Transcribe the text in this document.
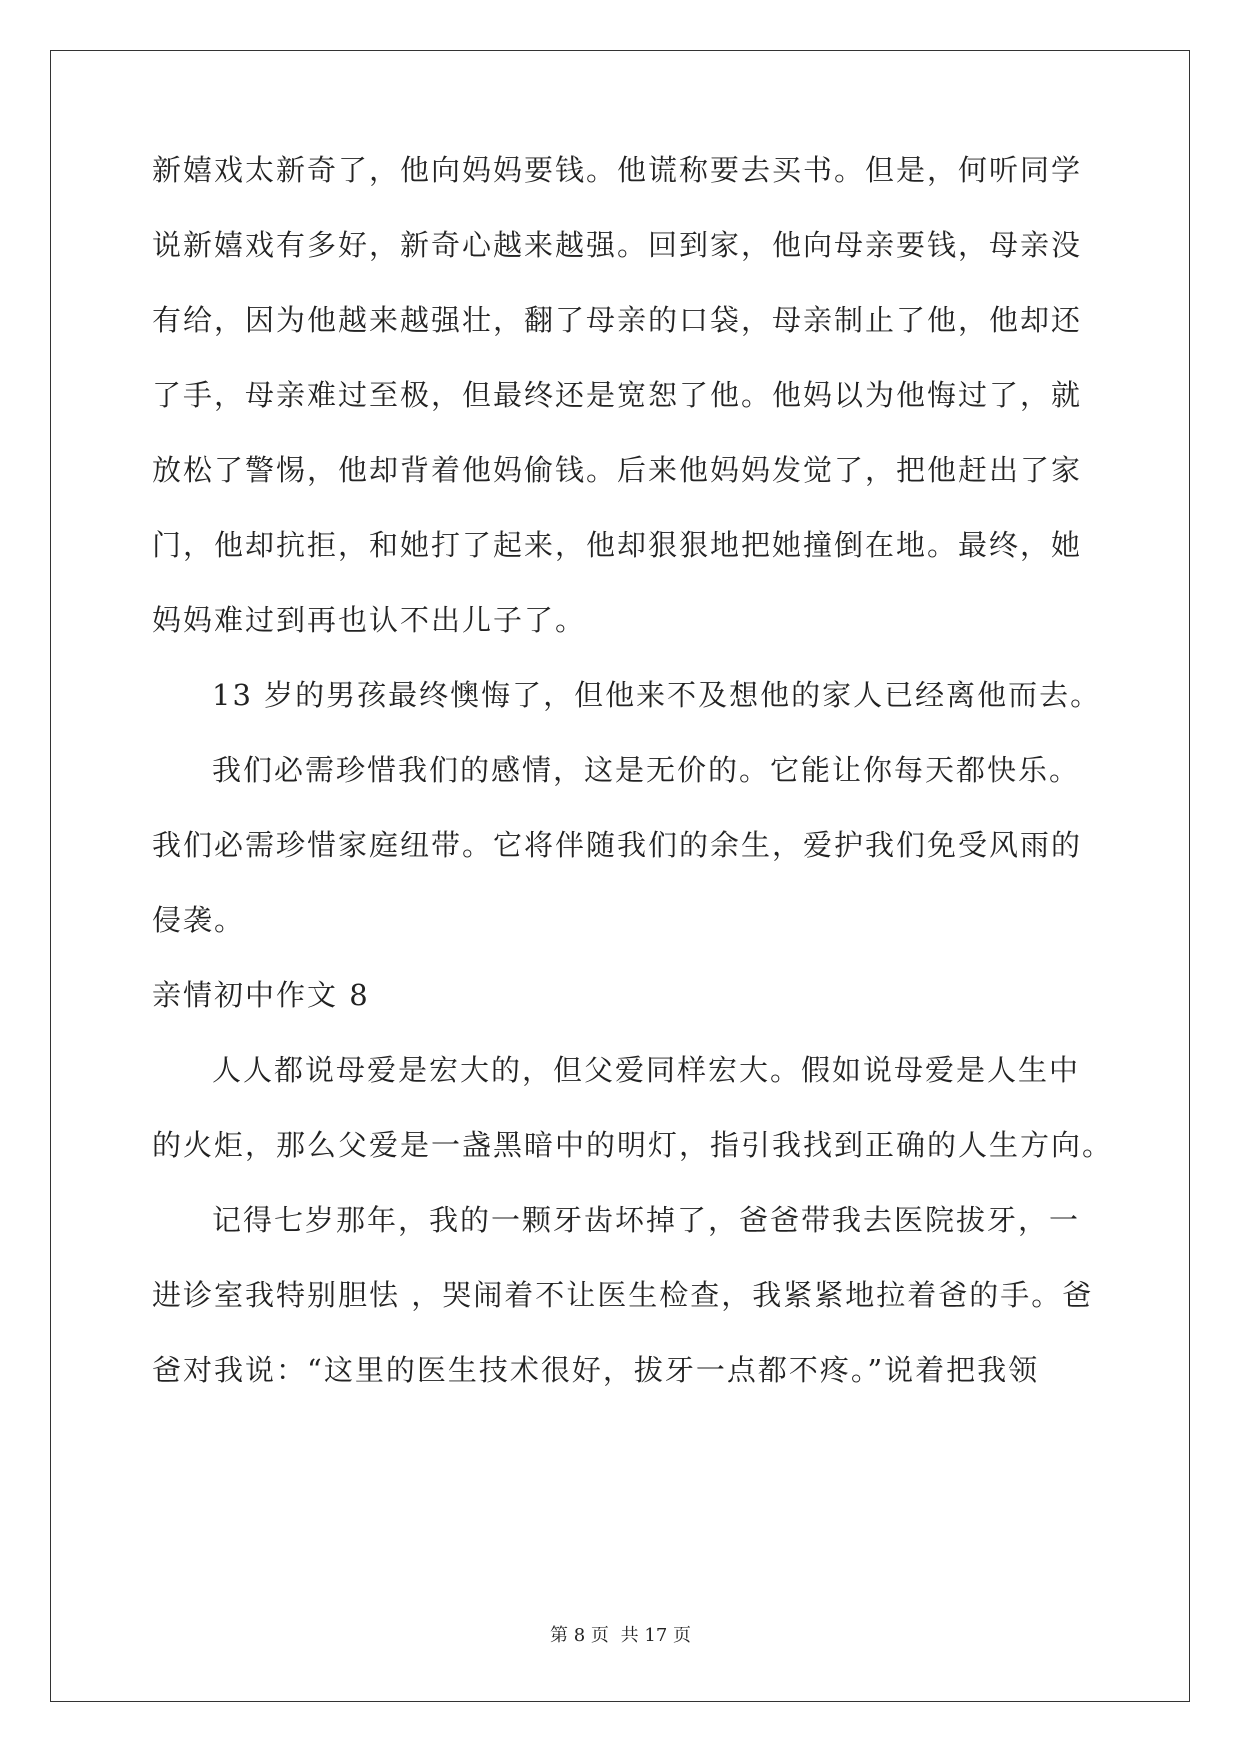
新嬉戏太新奇了，他向妈妈要钱。他谎称要去买书。但是，何听同学
说新嬉戏有多好，新奇心越来越强。回到家，他向母亲要钱，母亲没
有给，因为他越来越强壮，翻了母亲的口袋，母亲制止了他，他却还
了手，母亲难过至极，但最终还是宽恕了他。他妈以为他悔过了，就
放松了警惕，他却背着他妈偷钱。后来他妈妈发觉了，把他赶出了家
门，他却抗拒，和她打了起来，他却狠狠地把她撞倒在地。最终，她
妈妈难过到再也认不出儿子了。
13 岁的男孩最终懊悔了，但他来不及想他的家人已经离他而去。
我们必需珍惜我们的感情，这是无价的。它能让你每天都快乐。
我们必需珍惜家庭纽带。它将伴随我们的余生，爱护我们免受风雨的
侵袭。
亲情初中作文 8
人人都说母爱是宏大的，但父爱同样宏大。假如说母爱是人生中
的火炬，那么父爱是一盏黑暗中的明灯，指引我找到正确的人生方向。
记得七岁那年，我的一颗牙齿坏掉了，爸爸带我去医院拔牙，一
进诊室我特别胆怯 ，哭闹着不让医生检查，我紧紧地拉着爸的手。爸
爸对我说：“这里的医生技术很好，拔牙一点都不疼。”说着把我领
第 8 页 共 17 页
